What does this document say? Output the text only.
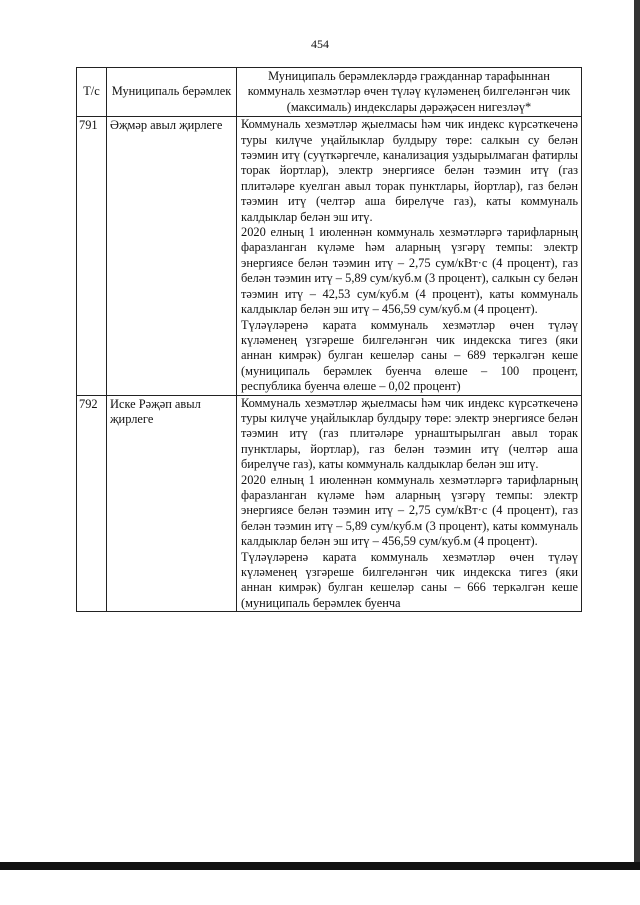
454
Т/с	Муниципаль берәмлек	Муниципаль берәмлекләрдә гражданнар тарафыннан коммуналь хезмәтләр өчен түләү күләменең билгеләнгән чик (максималь) индекслары дәрәҗәсен нигезләү*
791	Әҗмәр авыл җирлеге	Коммуналь хезмәтләр җыелмасы һәм чик индекс күрсәткеченә туры килүче уңайлыклар булдыру төре: салкын су белән тәэмин итү (суүткәргечле, канализация уздырылмаган фатирлы торак йортлар), электр энергиясе белән тәэмин итү (газ плитәләре куелган авыл торак пунктлары, йортлар), газ белән тәэмин итү (челтәр аша бирелүче газ), каты коммуналь калдыклар белән эш итү.

2020 елның 1 июленнән коммуналь хезмәтләргә тарифларның фаразланган күләме һәм аларның үзгәрү темпы: электр энергиясе белән тәэмин итү – 2,75 сум/кВт·с (4 процент), газ белән тәэмин итү – 5,89 сум/куб.м (3 процент), салкын су белән тәэмин итү – 42,53 сум/куб.м (4 процент), каты коммуналь калдыклар белән эш итү – 456,59 сум/куб.м (4 процент).

Түләүләренә карата коммуналь хезмәтләр өчен түләү күләменең үзгәреше билгеләнгән чик индекска тигез (яки аннан кимрәк) булган кешеләр саны – 689 теркәлгән кеше (муниципаль берәмлек буенча өлеше – 100 процент, республика буенча өлеше – 0,02 процент)

792	Иске Рәҗәп авыл җирлеге	Коммуналь хезмәтләр җыелмасы һәм чик индекс күрсәткеченә туры килүче уңайлыклар булдыру төре: электр энергиясе белән тәэмин итү (газ плитәләре урнаштырылган авыл торак пунктлары, йортлар), газ белән тәэмин итү (челтәр аша бирелүче газ), каты коммуналь калдыклар белән эш итү.

2020 елның 1 июленнән коммуналь хезмәтләргә тарифларның фаразланган күләме һәм аларның үзгәрү темпы: электр энергиясе белән тәэмин итү – 2,75 сум/кВт·с (4 процент), газ белән тәэмин итү – 5,89 сум/куб.м (3 процент), каты коммуналь калдыклар белән эш итү – 456,59 сум/куб.м (4 процент).

Түләүләренә карата коммуналь хезмәтләр өчен түләү күләменең үзгәреше билгеләнгән чик индекска тигез (яки аннан кимрәк) булган кешеләр саны – 666 теркәлгән кеше (муниципаль берәмлек буенча
